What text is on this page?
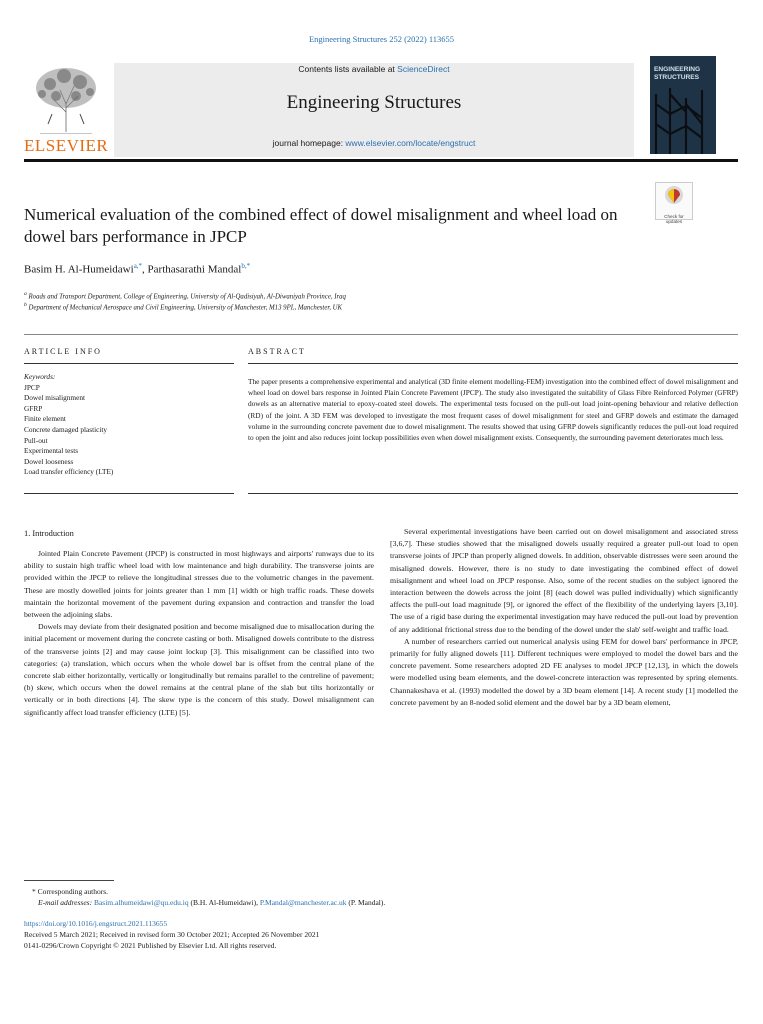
Engineering Structures 252 (2022) 113655
ELSEVIER
Contents lists available at ScienceDirect
Engineering Structures
journal homepage: www.elsevier.com/locate/engstruct
ENGINEERING
STRUCTURES
Numerical evaluation of the combined effect of dowel misalignment and wheel load on dowel bars performance in JPCP
Check for updates
Basim H. Al-Humeidawi$^{a,*}$, Parthasarathi Mandal$^{b,*}$
$^a$ Roads and Transport Department, College of Engineering, University of Al-Qadisiyah, Al-Diwaniyah Province, Iraq
$^b$ Department of Mechanical Aerospace and Civil Engineering, University of Manchester, M13 9PL, Manchester, UK
ARTICLE INFO	ABSTRACT
Keywords:
JPCP
Dowel misalignment
GFRP
Finite element
Concrete damaged plasticity
Pull-out
Experimental tests
Dowel looseness
Load transfer efficiency (LTE)
The paper presents a comprehensive experimental and analytical (3D finite element modelling-FEM) investigation into the combined effect of dowel misalignment and wheel load on dowel bars response in Jointed Plain Concrete Pavement (JPCP). The study also investigated the suitability of Glass Fibre Reinforced Polymer (GFRP) dowels as an alternative material to epoxy-coated steel dowels. The experimental tests focused on the pull-out load joint-opening behaviour and relative deflection (RD) of the joint. A 3D FEM was developed to investigate the most frequent cases of dowel misalignment for steel and GFRP dowels and estimate the damaged volume in the surrounding concrete pavement due to dowel misalignment. The results showed that using GFRP dowels significantly reduces the pull-out load required to open the joint and also reduces joint lockup possibilities even when dowel misalignment exists. Consequently, the surrounding pavement deteriorates much less.
1. Introduction

Jointed Plain Concrete Pavement (JPCP) is constructed in most highways and airports' runways due to its ability to sustain high traffic wheel load with low maintenance and high durability. The transverse joints are provided within the JPCP to relieve the longitudinal stresses due to the volumetric changes in the pavement. These are mostly dowelled joints for joints greater than 1 mm [1] width or high traffic roads. These dowels maintain the horizontal movement of the pavement during expansion and contraction and transfer the load between the adjoining slabs.

Dowels may deviate from their designated position and become misaligned due to misallocation during the initial placement or movement during the concrete casting or both. Misaligned dowels contribute to the distress of the transverse joints [2] and may cause joint lockup [3]. This misalignment can be classified into two categories: (a) translation, which occurs when the whole dowel bar is offset from the central plane of the concrete slab either horizontally, vertically or longitudinally but remains parallel to the centreline of pavement; (b) skew, which occurs when the dowel remains at the central plane of the slab but tilts horizontally or vertically or in both directions [4]. The skew type is the concern of this study. Dowel misalignment can significantly affect load transfer efficiency (LTE) [5].

Several experimental investigations have been carried out on dowel misalignment and associated stress [3,6,7]. These studies showed that the misaligned dowels usually required a greater pull-out load to open transverse joints of JPCP than properly aligned dowels. In addition, observable distresses were seen around the misaligned dowels. However, there is no study to date investigating the combined effect of dowel misalignment and wheel load on JPCP response. Also, some of the recent studies on the subject ignored the interaction between the dowels across the joint [8] (each dowel was pulled individually) which significantly affects the pull-out load magnitude [9], or ignored the effect of the flexibility of the underlying layers [3,10]. The use of a rigid base during the experimental investigation may have reduced the pull-out load by prevention of any additional frictional stress due to the bending of the dowel under the slab' self-weight and traffic load.

A number of researchers carried out numerical analysis using FEM for dowel bars' performance in JPCP, primarily for fully aligned dowels [11]. Different techniques were employed to model the dowel bars and the concrete pavement. Some researchers adopted 2D FE analyses to model JPCP [12,13], in which the dowels were modelled using beam elements, and the dowel-concrete interaction was represented by spring elements. Channakeshava et al. (1993) modelled the dowel by a 3D beam element [14]. A recent study [1] modelled the concrete pavement by an 8-noded solid element and the dowel bar by a 3D beam element,

* Corresponding authors.
E-mail addresses: Basim.alhumeidawi@qu.edu.iq (B.H. Al-Humeidawi), P.Mandal@manchester.ac.uk (P. Mandal).
https://doi.org/10.1016/j.engstruct.2021.113655
Received 5 March 2021; Received in revised form 30 October 2021; Accepted 26 November 2021
0141-0296/Crown Copyright © 2021 Published by Elsevier Ltd. All rights reserved.
